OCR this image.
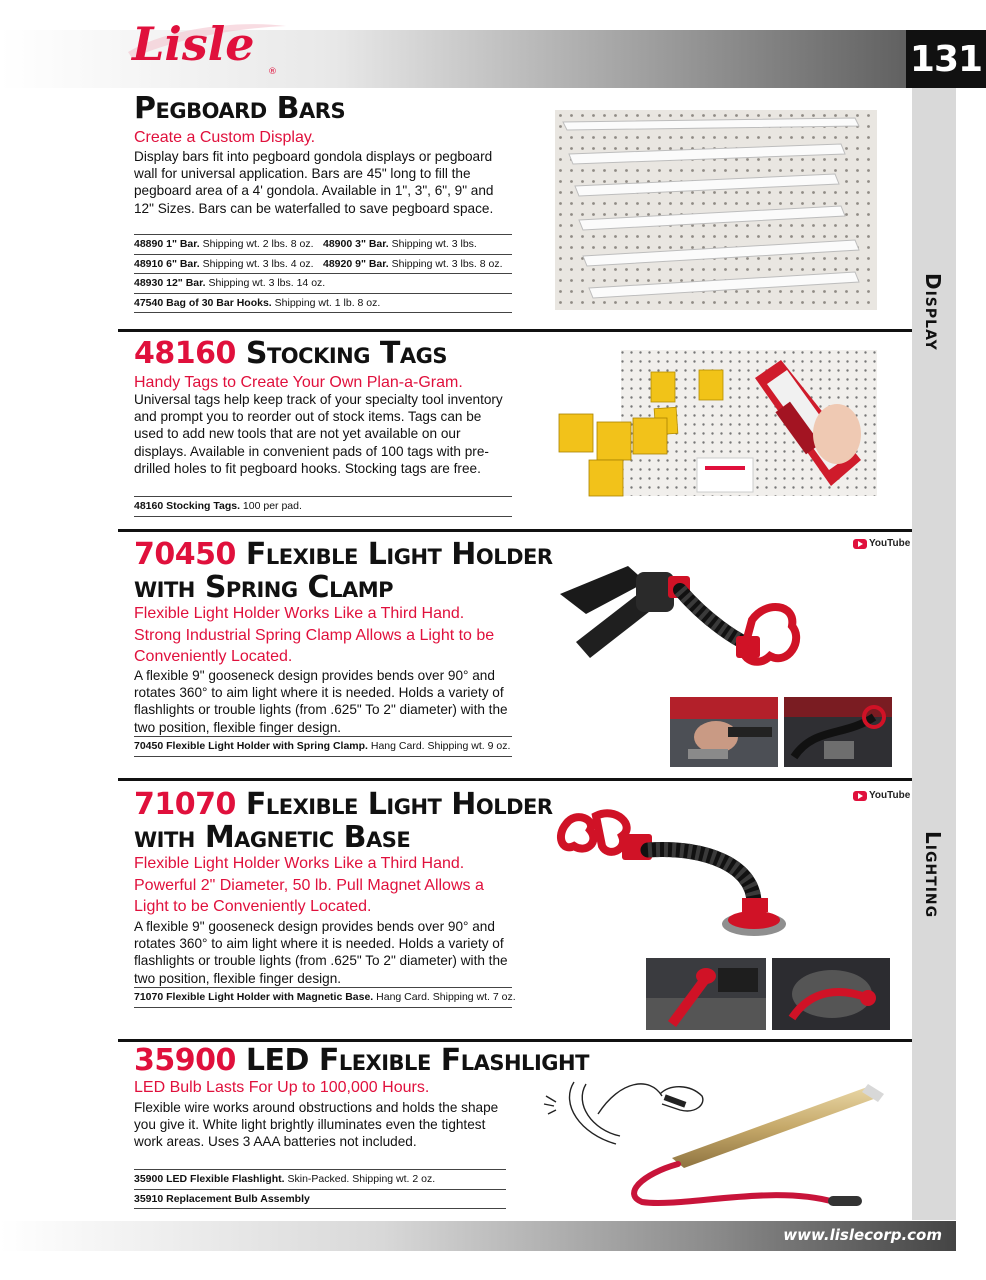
Lisle
®	131
Display
Lighting
Pegboard Bars
Create a Custom Display.
Display bars fit into pegboard gondola displays or pegboard wall for universal application. Bars are 45" long to fill the pegboard area of a 4' gondola. Available in 1", 3", 6", 9" and 12" Sizes. Bars can be waterfalled to save pegboard space.
48890 1" Bar. Shipping wt. 2 lbs. 8 oz. 48900 3" Bar. Shipping wt. 3 lbs.
48910 6" Bar. Shipping wt. 3 lbs. 4 oz. 48920 9" Bar. Shipping wt. 3 lbs. 8 oz.
48930 12" Bar. Shipping wt. 3 lbs. 14 oz.
47540 Bag of 30 Bar Hooks. Shipping wt. 1 lb. 8 oz.
48160 Stocking Tags
Handy Tags to Create Your Own Plan-a-Gram.
Universal tags help keep track of your specialty tool inventory and prompt you to reorder out of stock items. Tags can be used to add new tools that are not yet available on our displays. Available in convenient pads of 100 tags with pre-drilled holes to fit pegboard hooks. Stocking tags are free.
48160 Stocking Tags. 100 per pad.
70450 Flexible Light Holder
with Spring Clamp
Flexible Light Holder Works Like a Third Hand. Strong Industrial Spring Clamp Allows a Light to be Conveniently Located.
A flexible 9" gooseneck design provides bends over 90° and rotates 360° to aim light where it is needed. Holds a variety of flashlights or trouble lights (from .625" To 2" diameter) with the two position, flexible finger design.
70450 Flexible Light Holder with Spring Clamp. Hang Card. Shipping wt. 9 oz.
YouTube
71070 Flexible Light Holder
with Magnetic Base
Flexible Light Holder Works Like a Third Hand. Powerful 2" Diameter, 50 lb. Pull Magnet Allows a Light to be Conveniently Located.
A flexible 9" gooseneck design provides bends over 90° and rotates 360° to aim light where it is needed. Holds a variety of flashlights or trouble lights (from .625" To 2" diameter) with the two position, flexible finger design.
71070 Flexible Light Holder with Magnetic Base. Hang Card. Shipping wt. 7 oz.
YouTube
35900 LED Flexible Flashlight
LED Bulb Lasts For Up to 100,000 Hours.
Flexible wire works around obstructions and holds the shape you give it. White light brightly illuminates even the tightest work areas. Uses 3 AAA batteries not included.
35900 LED Flexible Flashlight. Skin-Packed. Shipping wt. 2 oz.
35910 Replacement Bulb Assembly
www.lislecorp.com
